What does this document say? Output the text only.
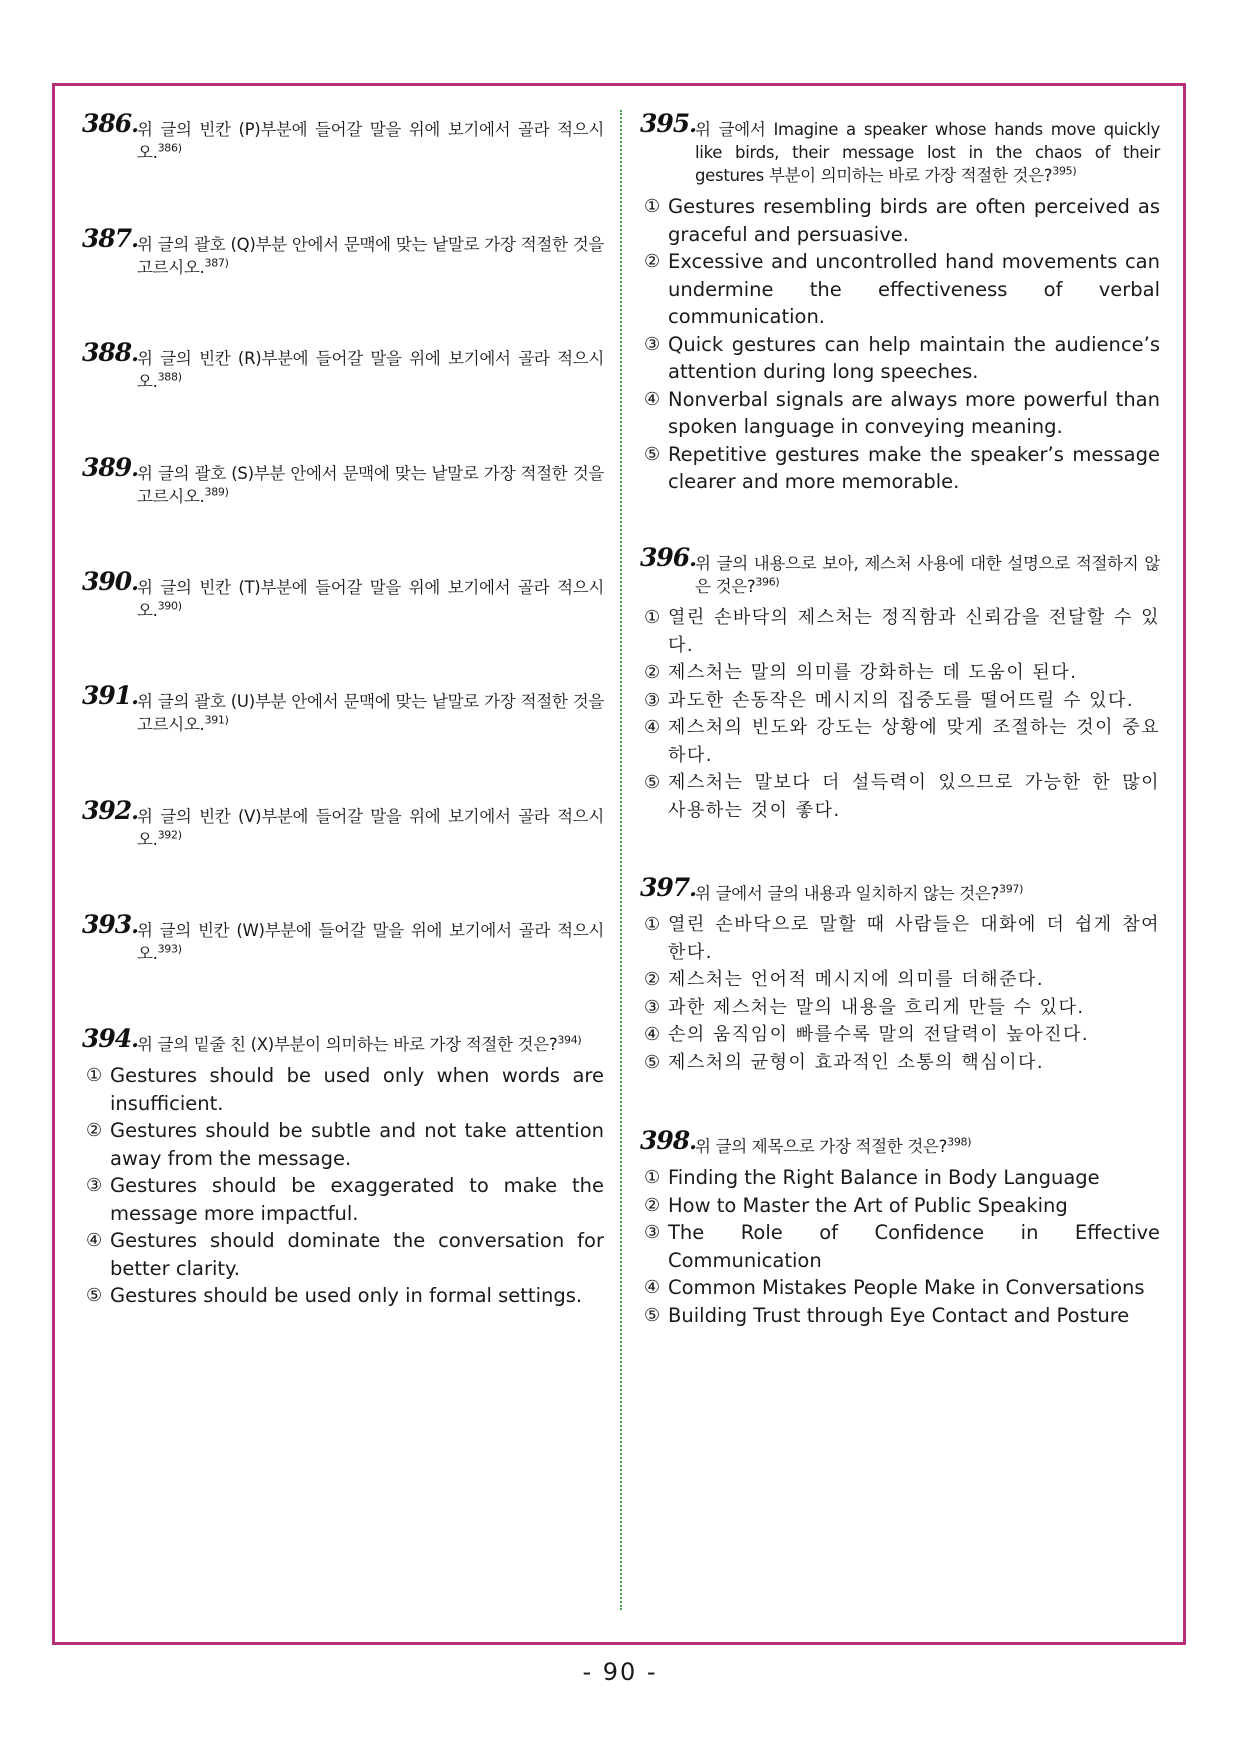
386. 위 글의 빈칸 (P)부분에 들어갈 말을 위에 보기에서 골라 적으시오.$^{386)}$
387. 위 글의 괄호 (Q)부분 안에서 문맥에 맞는 낱말로 가장 적절한 것을 고르시오.$^{387)}$
388. 위 글의 빈칸 (R)부분에 들어갈 말을 위에 보기에서 골라 적으시오.$^{388)}$
389. 위 글의 괄호 (S)부분 안에서 문맥에 맞는 낱말로 가장 적절한 것을 고르시오.$^{389)}$
390. 위 글의 빈칸 (T)부분에 들어갈 말을 위에 보기에서 골라 적으시오.$^{390)}$
391. 위 글의 괄호 (U)부분 안에서 문맥에 맞는 낱말로 가장 적절한 것을 고르시오.$^{391)}$
392. 위 글의 빈칸 (V)부분에 들어갈 말을 위에 보기에서 골라 적으시오.$^{392)}$
393. 위 글의 빈칸 (W)부분에 들어갈 말을 위에 보기에서 골라 적으시오.$^{393)}$
394. 위 글의 밑줄 친 (X)부분이 의미하는 바로 가장 적절한 것은?$^{394)}$
① Gestures should be used only when words are insufficient.
② Gestures should be subtle and not take attention away from the message.
③ Gestures should be exaggerated to make the message more impactful.
④ Gestures should dominate the conversation for better clarity.
⑤ Gestures should be used only in formal settings.
395. 위 글에서 Imagine a speaker whose hands move quickly like birds, their message lost in the chaos of their gestures 부분이 의미하는 바로 가장 적절한 것은?$^{395)}$
① Gestures resembling birds are often perceived as graceful and persuasive.
② Excessive and uncontrolled hand movements can undermine the effectiveness of verbal communication.
③ Quick gestures can help maintain the audience’s attention during long speeches.
④ Nonverbal signals are always more powerful than spoken language in conveying meaning.
⑤ Repetitive gestures make the speaker’s message clearer and more memorable.
396. 위 글의 내용으로 보아, 제스처 사용에 대한 설명으로 적절하지 않은 것은?$^{396)}$
① 열린 손바닥의 제스처는 정직함과 신뢰감을 전달할 수 있다.
② 제스처는 말의 의미를 강화하는 데 도움이 된다.
③ 과도한 손동작은 메시지의 집중도를 떨어뜨릴 수 있다.
④ 제스처의 빈도와 강도는 상황에 맞게 조절하는 것이 중요하다.
⑤ 제스처는 말보다 더 설득력이 있으므로 가능한 한 많이 사용하는 것이 좋다.
397. 위 글에서 글의 내용과 일치하지 않는 것은?$^{397)}$
① 열린 손바닥으로 말할 때 사람들은 대화에 더 쉽게 참여한다.
② 제스처는 언어적 메시지에 의미를 더해준다.
③ 과한 제스처는 말의 내용을 흐리게 만들 수 있다.
④ 손의 움직임이 빠를수록 말의 전달력이 높아진다.
⑤ 제스처의 균형이 효과적인 소통의 핵심이다.
398. 위 글의 제목으로 가장 적절한 것은?$^{398)}$
① Finding the Right Balance in Body Language
② How to Master the Art of Public Speaking
③ The Role of Confidence in Effective Communication
④ Common Mistakes People Make in Conversations
⑤ Building Trust through Eye Contact and Posture
- 90 -
